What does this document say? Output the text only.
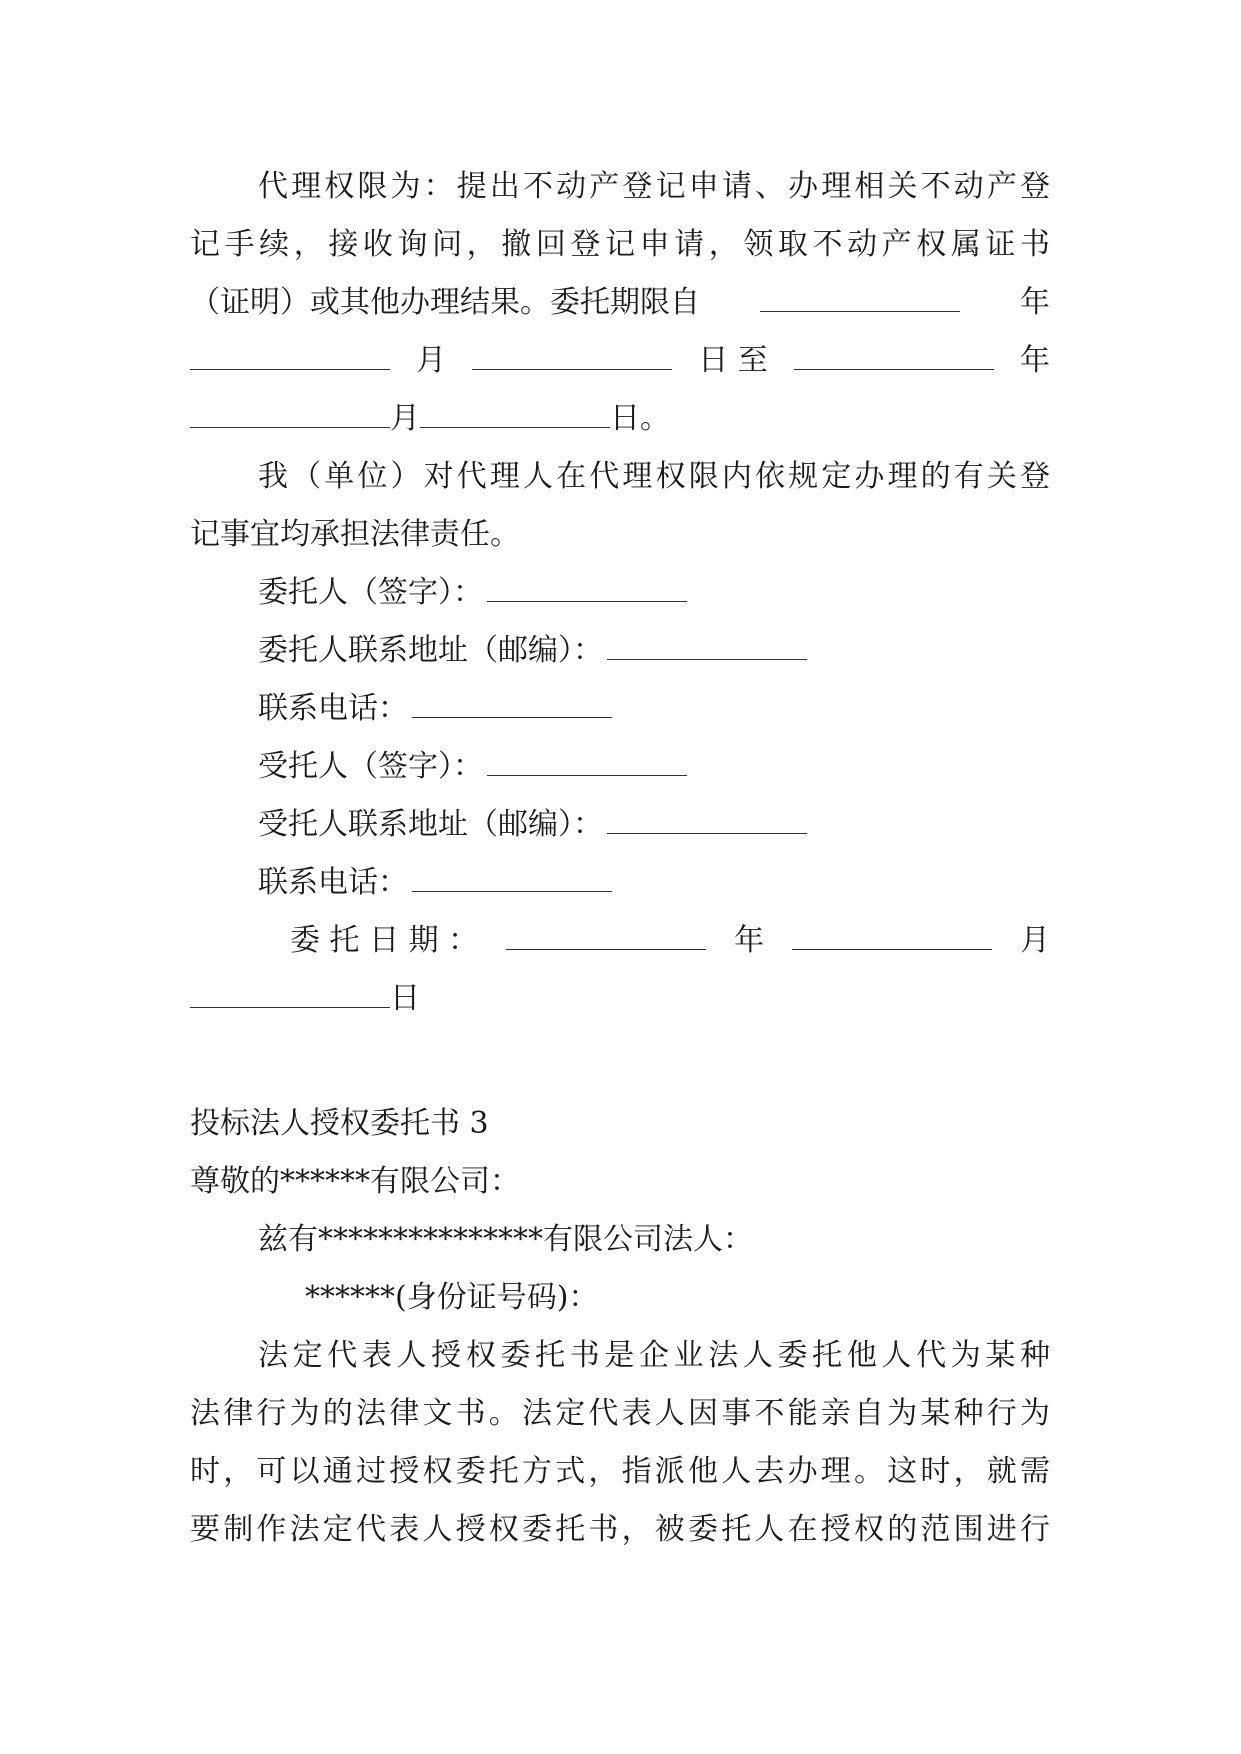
代理权限为：提出不动产登记申请、办理相关不动产登
记手续，接收询问，撤回登记申请，领取不动产权属证书
（证明）或其他办理结果。委托期限自	年
月	日 至	年
月	日。
我（单位）对代理人在代理权限内依规定办理的有关登
记事宜均承担法律责任。
委托人（签字）：
委托人联系地址（邮编）：
联系电话：
受托人（签字）：
受托人联系地址（邮编）：
联系电话：
委 托 日 期 ：	年	月
日
投标法人授权委托书 3
尊敬的******有限公司：
兹有***************有限公司法人：
******(身份证号码)：
法定代表人授权委托书是企业法人委托他人代为某种
法律行为的法律文书。法定代表人因事不能亲自为某种行为
时，可以通过授权委托方式，指派他人去办理。这时，就需
要制作法定代表人授权委托书，被委托人在授权的范围进行
